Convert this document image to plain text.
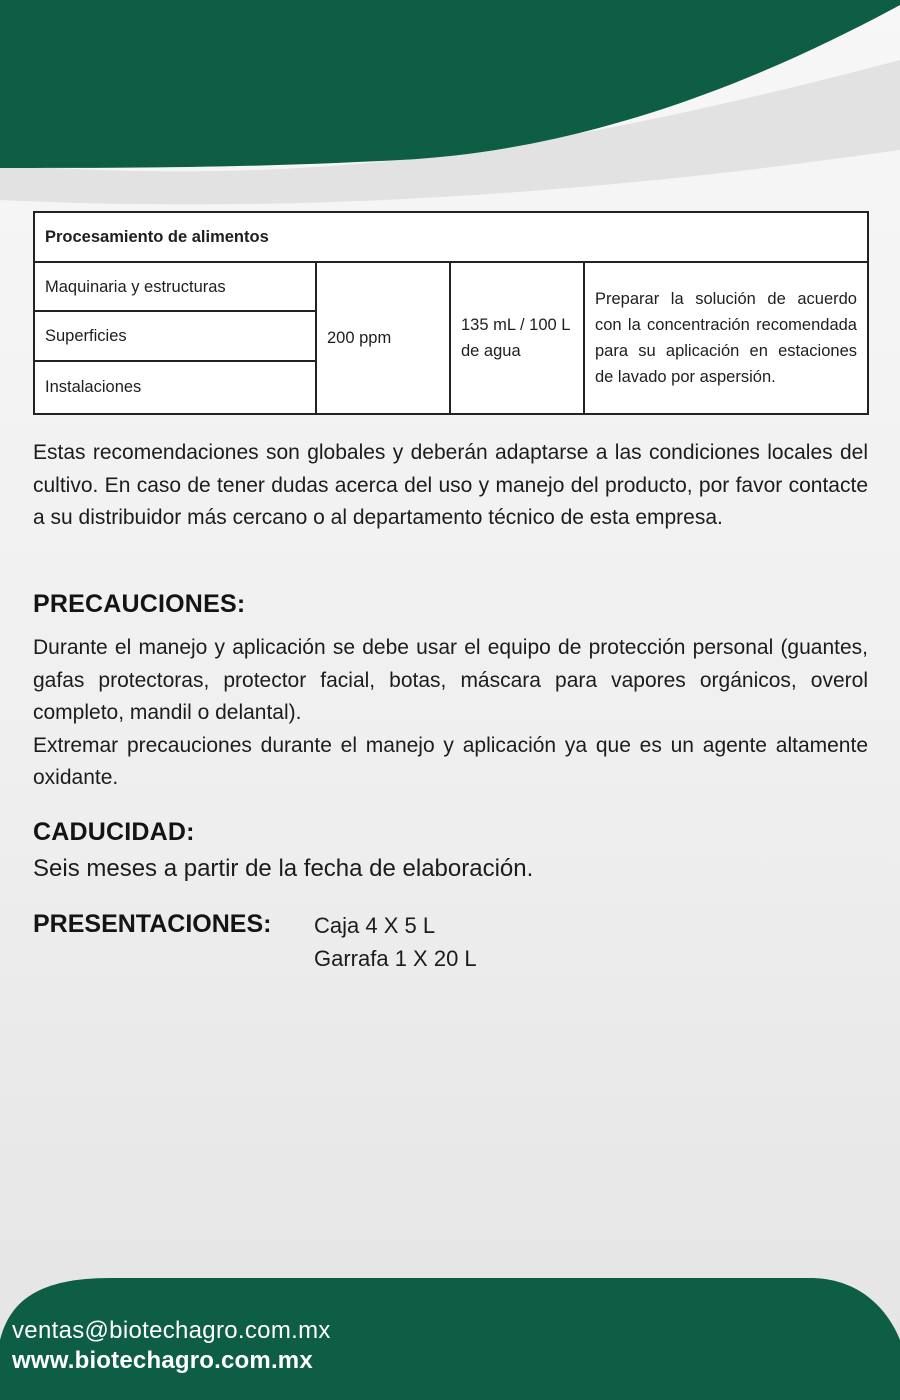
Procesamiento de alimentos
Maquinaria y estructuras	200 ppm	135 mL / 100 L de agua	Preparar la solución de acuerdo con la concentración recomendada para su aplicación en estaciones de lavado por aspersión.
Superficies
Instalaciones

Estas recomendaciones son globales y deberán adaptarse a las condiciones locales del cultivo. En caso de tener dudas acerca del uso y manejo del producto, por favor contacte a su distribuidor más cercano o al departamento técnico de esta empresa.

PRECAUCIONES:

Durante el manejo y aplicación se debe usar el equipo de protección personal (guantes, gafas protectoras, protector facial, botas, máscara para vapores orgánicos, overol completo, mandil o delantal).

Extremar precauciones durante el manejo y aplicación ya que es un agente altamente oxidante.

CADUCIDAD:

Seis meses a partir de la fecha de elaboración.

PRESENTACIONES: Caja 4 X 5 L
Garrafa 1 X 20 L
ventas@biotechagro.com.mx
www.biotechagro.com.mx
